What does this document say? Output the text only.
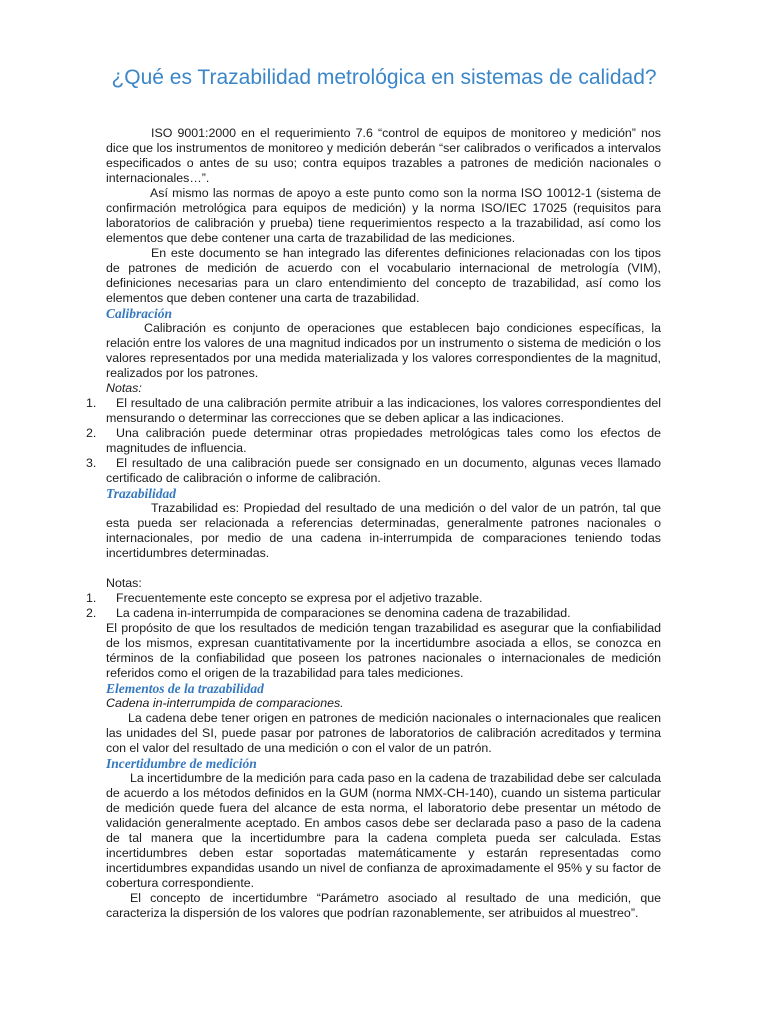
¿Qué es Trazabilidad metrológica en sistemas de calidad?

ISO 9001:2000 en el requerimiento 7.6 “control de equipos de monitoreo y medición” nos dice que los instrumentos de monitoreo y medición deberán “ser calibrados o verificados a intervalos especificados o antes de su uso; contra equipos trazables a patrones de medición nacionales o internacionales…”.

Así mismo las normas de apoyo a este punto como son la norma ISO 10012-1 (sistema de confirmación metrológica para equipos de medición) y la norma ISO/IEC 17025 (requisitos para laboratorios de calibración y prueba) tiene requerimientos respecto a la trazabilidad, así como los elementos que debe contener una carta de trazabilidad de las mediciones.

En este documento se han integrado las diferentes definiciones relacionadas con los tipos de patrones de medición de acuerdo con el vocabulario internacional de metrología (VIM), definiciones necesarias para un claro entendimiento del concepto de trazabilidad, así como los elementos que deben contener una carta de trazabilidad.

Calibración

Calibración es conjunto de operaciones que establecen bajo condiciones específicas, la relación entre los valores de una magnitud indicados por un instrumento o sistema de medición o los valores representados por una medida materializada y los valores correspondientes de la magnitud, realizados por los patrones.

Notas:

1.	El resultado de una calibración permite atribuir a las indicaciones, los valores correspondientes del mensurando o determinar las correcciones que se deben aplicar a las indicaciones.
2.	Una calibración puede determinar otras propiedades metrológicas tales como los efectos de magnitudes de influencia.
3.	El resultado de una calibración puede ser consignado en un documento, algunas veces llamado certificado de calibración o informe de calibración.
Trazabilidad

Trazabilidad es: Propiedad del resultado de una medición o del valor de un patrón, tal que esta pueda ser relacionada a referencias determinadas, generalmente patrones nacionales o internacionales, por medio de una cadena in-interrumpida de comparaciones teniendo todas incertidumbres determinadas.

Notas:

1.	Frecuentemente este concepto se expresa por el adjetivo trazable.
2.	La cadena in-interrumpida de comparaciones se denomina cadena de trazabilidad.

El propósito de que los resultados de medición tengan trazabilidad es asegurar que la confiabilidad de los mismos, expresan cuantitativamente por la incertidumbre asociada a ellos, se conozca en términos de la confiabilidad que poseen los patrones nacionales o internacionales de medición referidos como el origen de la trazabilidad para tales mediciones.

Elementos de la trazabilidad

Cadena in-interrumpida de comparaciones.

La cadena debe tener origen en patrones de medición nacionales o internacionales que realicen las unidades del SI, puede pasar por patrones de laboratorios de calibración acreditados y termina con el valor del resultado de una medición o con el valor de un patrón.

Incertidumbre de medición

La incertidumbre de la medición para cada paso en la cadena de trazabilidad debe ser calculada de acuerdo a los métodos definidos en la GUM (norma NMX-CH-140), cuando un sistema particular de medición quede fuera del alcance de esta norma, el laboratorio debe presentar un método de validación generalmente aceptado. En ambos casos debe ser declarada paso a paso de la cadena de tal manera que la incertidumbre para la cadena completa pueda ser calculada. Estas incertidumbres deben estar soportadas matemáticamente y estarán representadas como incertidumbres expandidas usando un nivel de confianza de aproximadamente el 95% y su factor de cobertura correspondiente.

El concepto de incertidumbre “Parámetro asociado al resultado de una medición, que caracteriza la dispersión de los valores que podrían razonablemente, ser atribuidos al muestreo”.
